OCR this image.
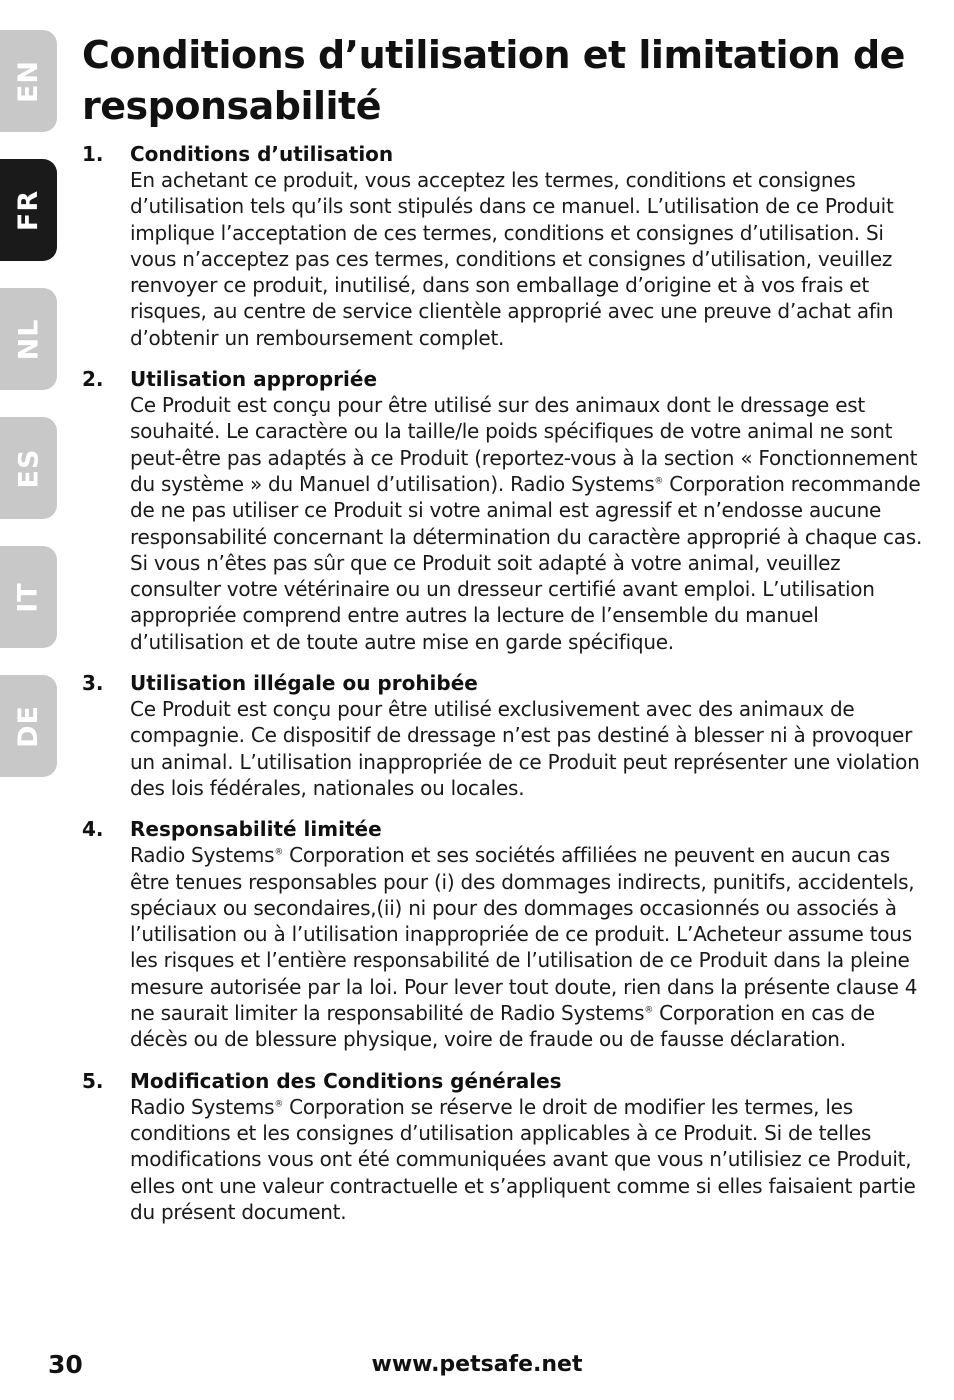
EN
FR
NL
ES
IT
DE
Conditions d’utilisation et limitation de responsabilité
1. Conditions d’utilisation

En achetant ce produit, vous acceptez les termes, conditions et consignes d’utilisation tels qu’ils sont stipulés dans ce manuel. L’utilisation de ce Produit implique l’acceptation de ces termes, conditions et consignes d’utilisation. Si vous n’acceptez pas ces termes, conditions et consignes d’utilisation, veuillez renvoyer ce produit, inutilisé, dans son emballage d’origine et à vos frais et risques, au centre de service clientèle approprié avec une preuve d’achat afin d’obtenir un remboursement complet.

2. Utilisation appropriée

Ce Produit est conçu pour être utilisé sur des animaux dont le dressage est souhaité. Le caractère ou la taille/le poids spécifiques de votre animal ne sont peut-être pas adaptés à ce Produit (reportez-vous à la section « Fonctionnement du système » du Manuel d’utilisation). Radio Systems® Corporation recommande de ne pas utiliser ce Produit si votre animal est agressif et n’endosse aucune responsabilité concernant la détermination du caractère approprié à chaque cas. Si vous n’êtes pas sûr que ce Produit soit adapté à votre animal, veuillez consulter votre vétérinaire ou un dresseur certifié avant emploi. L’utilisation appropriée comprend entre autres la lecture de l’ensemble du manuel d’utilisation et de toute autre mise en garde spécifique.

3. Utilisation illégale ou prohibée

Ce Produit est conçu pour être utilisé exclusivement avec des animaux de compagnie. Ce dispositif de dressage n’est pas destiné à blesser ni à provoquer un animal. L’utilisation inappropriée de ce Produit peut représenter une violation des lois fédérales, nationales ou locales.

4. Responsabilité limitée

Radio Systems® Corporation et ses sociétés affiliées ne peuvent en aucun cas être tenues responsables pour (i) des dommages indirects, punitifs, accidentels, spéciaux ou secondaires,(ii) ni pour des dommages occasionnés ou associés à l’utilisation ou à l’utilisation inappropriée de ce produit. L’Acheteur assume tous les risques et l’entière responsabilité de l’utilisation de ce Produit dans la pleine mesure autorisée par la loi. Pour lever tout doute, rien dans la présente clause 4 ne saurait limiter la responsabilité de Radio Systems® Corporation en cas de décès ou de blessure physique, voire de fraude ou de fausse déclaration.

5. Modification des Conditions générales

Radio Systems® Corporation se réserve le droit de modifier les termes, les conditions et les consignes d’utilisation applicables à ce Produit. Si de telles modifications vous ont été communiquées avant que vous n’utilisiez ce Produit, elles ont une valeur contractuelle et s’appliquent comme si elles faisaient partie du présent document.

30	www.petsafe.net
